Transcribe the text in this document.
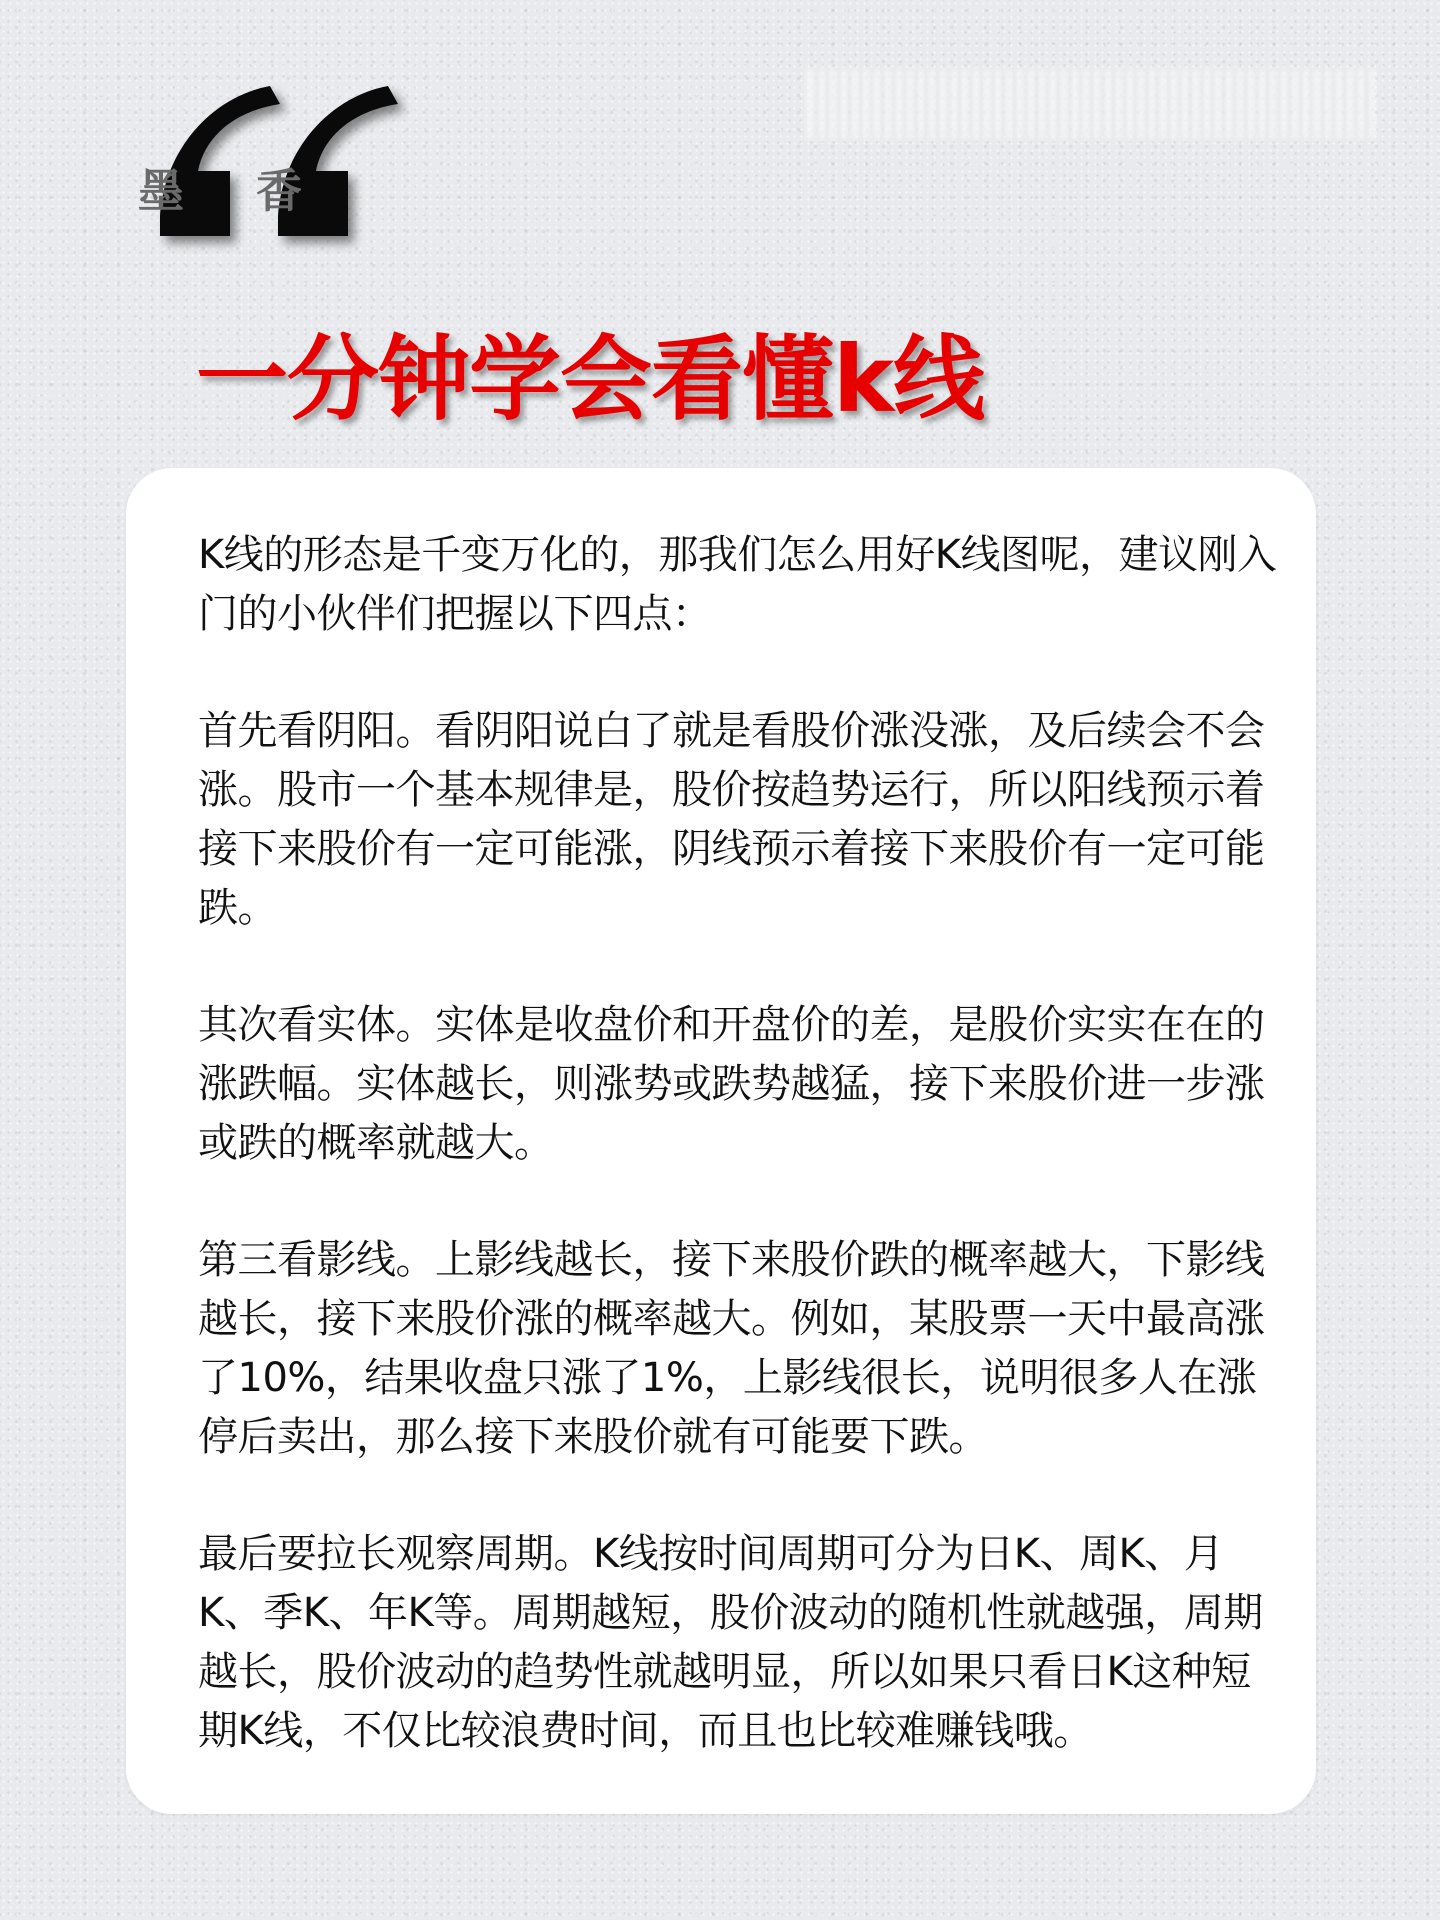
墨 香
一分钟学会看懂k线

K线的形态是千变万化的，那我们怎么用好K线图呢，建议刚入门的小伙伴们把握以下四点：

首先看阴阳。看阴阳说白了就是看股价涨没涨，及后续会不会涨。股市一个基本规律是，股价按趋势运行，所以阳线预示着接下来股价有一定可能涨，阴线预示着接下来股价有一定可能跌。

其次看实体。实体是收盘价和开盘价的差，是股价实实在在的涨跌幅。实体越长，则涨势或跌势越猛，接下来股价进一步涨或跌的概率就越大。

第三看影线。上影线越长，接下来股价跌的概率越大，下影线越长，接下来股价涨的概率越大。例如，某股票一天中最高涨了10%，结果收盘只涨了1%，上影线很长，说明很多人在涨停后卖出，那么接下来股价就有可能要下跌。

最后要拉长观察周期。K线按时间周期可分为日K、周K、月K、季K、年K等。周期越短，股价波动的随机性就越强，周期越长，股价波动的趋势性就越明显，所以如果只看日K这种短期K线，不仅比较浪费时间，而且也比较难赚钱哦。
